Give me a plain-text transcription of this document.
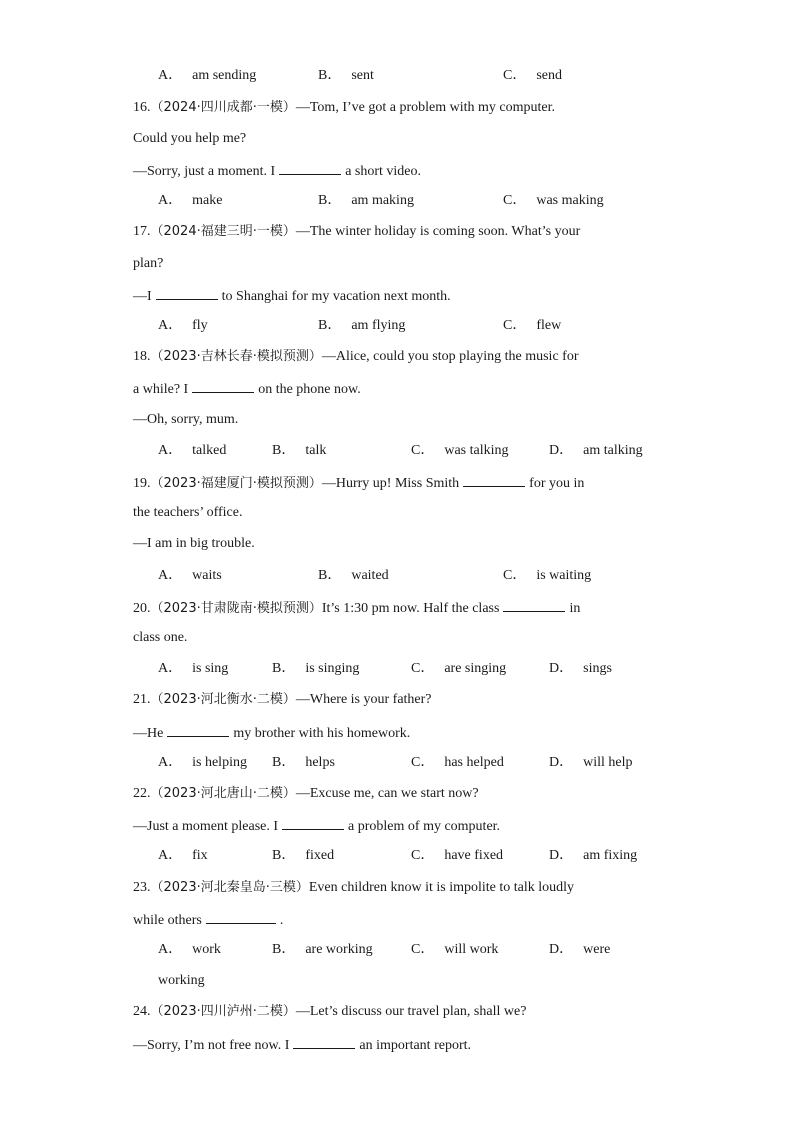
A． am sending	B． sent	C． send
16.（2024·四川成都·一模）—Tom, I’ve got a problem with my computer.
Could you help me?
—Sorry, just a moment. I	a short video.
A． make	B． am making	C． was making
17.（2024·福建三明·一模）—The winter holiday is coming soon. What’s your
plan?
—I	to Shanghai for my vacation next month.
A． fly	B． am flying	C． flew
18.（2023·吉林长春·模拟预测）—Alice, could you stop playing the music for
a while? I	on the phone now.
—Oh, sorry, mum.
A． talked	B． talk	C． was talking	D． am talking
19.（2023·福建厦门·模拟预测）—Hurry up! Miss Smith	for you in
the teachers’ office.
—I am in big trouble.
A． waits	B． waited	C． is waiting
20.（2023·甘肃陇南·模拟预测）It’s 1:30 pm now. Half the class	in
class one.
A． is sing	B． is singing	C． are singing	D． sings
21.（2023·河北衡水·二模）—Where is your father?
—He	my brother with his homework.
A． is helping B． helps	C． has helped	D． will help
22.（2023·河北唐山·二模）—Excuse me, can we start now?
—Just a moment please. I	a problem of my computer.
A． fix	B． fixed	C． have fixed	D． am fixing
23.（2023·河北秦皇岛·三模）Even children know it is impolite to talk loudly
while others	.
A． work	B． are working	C． will work	D． were
working
24.（2023·四川泸州·二模）—Let’s discuss our travel plan, shall we?
—Sorry, I’m not free now. I	an important report.
